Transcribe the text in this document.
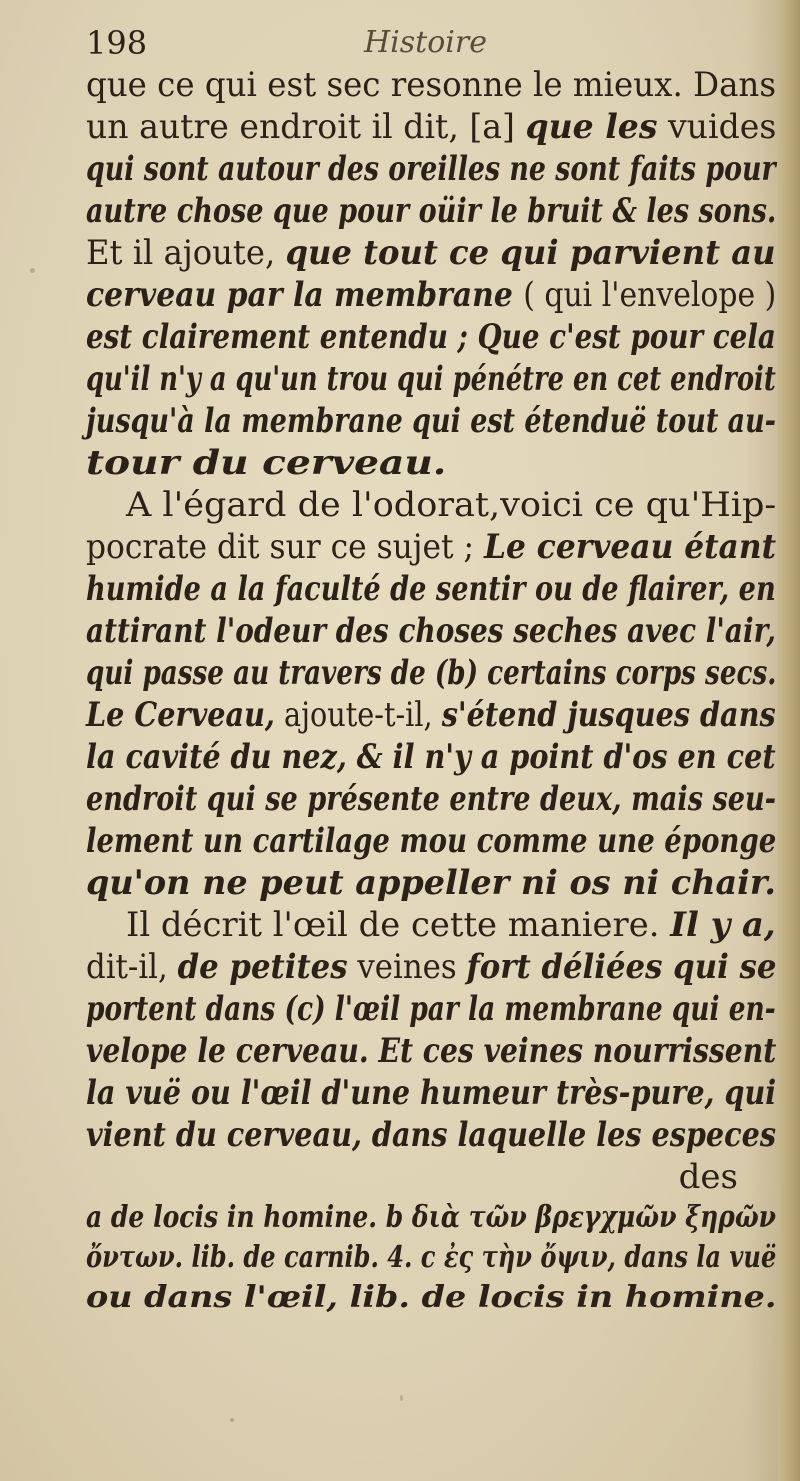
198	Histoire
que ce qui est sec resonne le mieux. Dans
un autre endroit il dit, [a] que les vuides
qui sont autour des oreilles ne sont faits pour
autre chose que pour oüir le bruit & les sons.
Et il ajoute, que tout ce qui parvient au
cerveau par la membrane ( qui l'envelope )
est clairement entendu ; Que c'est pour cela
qu'il n'y a qu'un trou qui pénétre en cet endroit
jusqu'à la membrane qui est étenduë tout au-
tour du cerveau.
A l'égard de l'odorat,voici ce qu'Hip-
pocrate dit sur ce sujet ; Le cerveau étant
humide a la faculté de sentir ou de flairer, en
attirant l'odeur des choses seches avec l'air,
qui passe au travers de (b) certains corps secs.
Le Cerveau, ajoute-t-il, s'étend jusques dans
la cavité du nez, & il n'y a point d'os en cet
endroit qui se présente entre deux, mais seu-
lement un cartilage mou comme une éponge
qu'on ne peut appeller ni os ni chair.
Il décrit l'œil de cette maniere. Il y a,
dit-il, de petites veines fort déliées qui se
portent dans (c) l'œil par la membrane qui en-
velope le cerveau. Et ces veines nourrissent
la vuë ou l'œil d'une humeur très-pure, qui
vient du cerveau, dans laquelle les especes
des
a de locis in homine. b διὰ τῶν βρεγχμῶν ξηρῶν
ὄντων. lib. de carnib. 4. c ἐς τὴν ὄψιν, dans la vuë
ou dans l'œil, lib. de locis in homine.
